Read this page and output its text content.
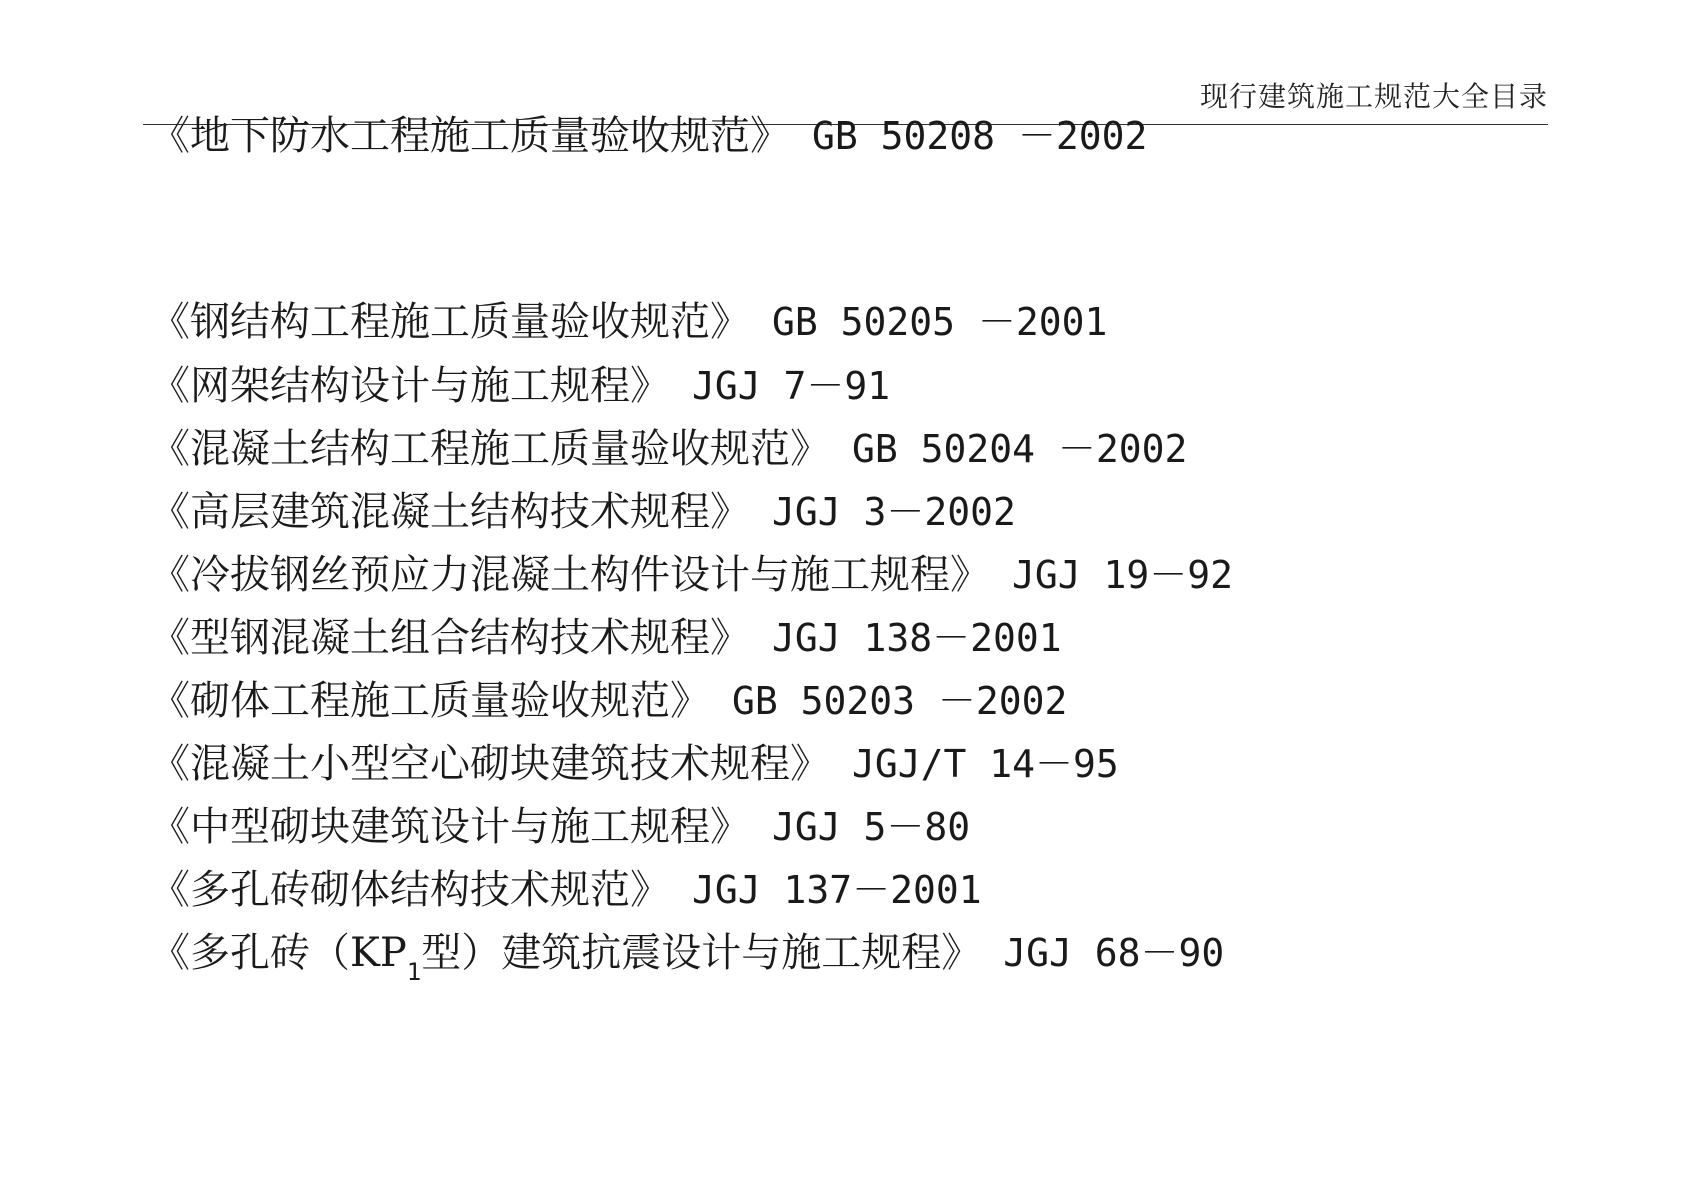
现行建筑施工规范大全目录
《地下防水工程施工质量验收规范》 GB 50208 －2002
《钢结构工程施工质量验收规范》 GB 50205 －2001
《网架结构设计与施工规程》 JGJ 7－91
《混凝土结构工程施工质量验收规范》 GB 50204 －2002
《高层建筑混凝土结构技术规程》 JGJ 3－2002
《冷拔钢丝预应力混凝土构件设计与施工规程》 JGJ 19－92
《型钢混凝土组合结构技术规程》 JGJ 138－2001
《砌体工程施工质量验收规范》 GB 50203 －2002
《混凝土小型空心砌块建筑技术规程》 JGJ/T 14－95
《中型砌块建筑设计与施工规程》 JGJ 5－80
《多孔砖砌体结构技术规范》 JGJ 137－2001
《多孔砖（$KP_1$型）建筑抗震设计与施工规程》 JGJ 68－90
